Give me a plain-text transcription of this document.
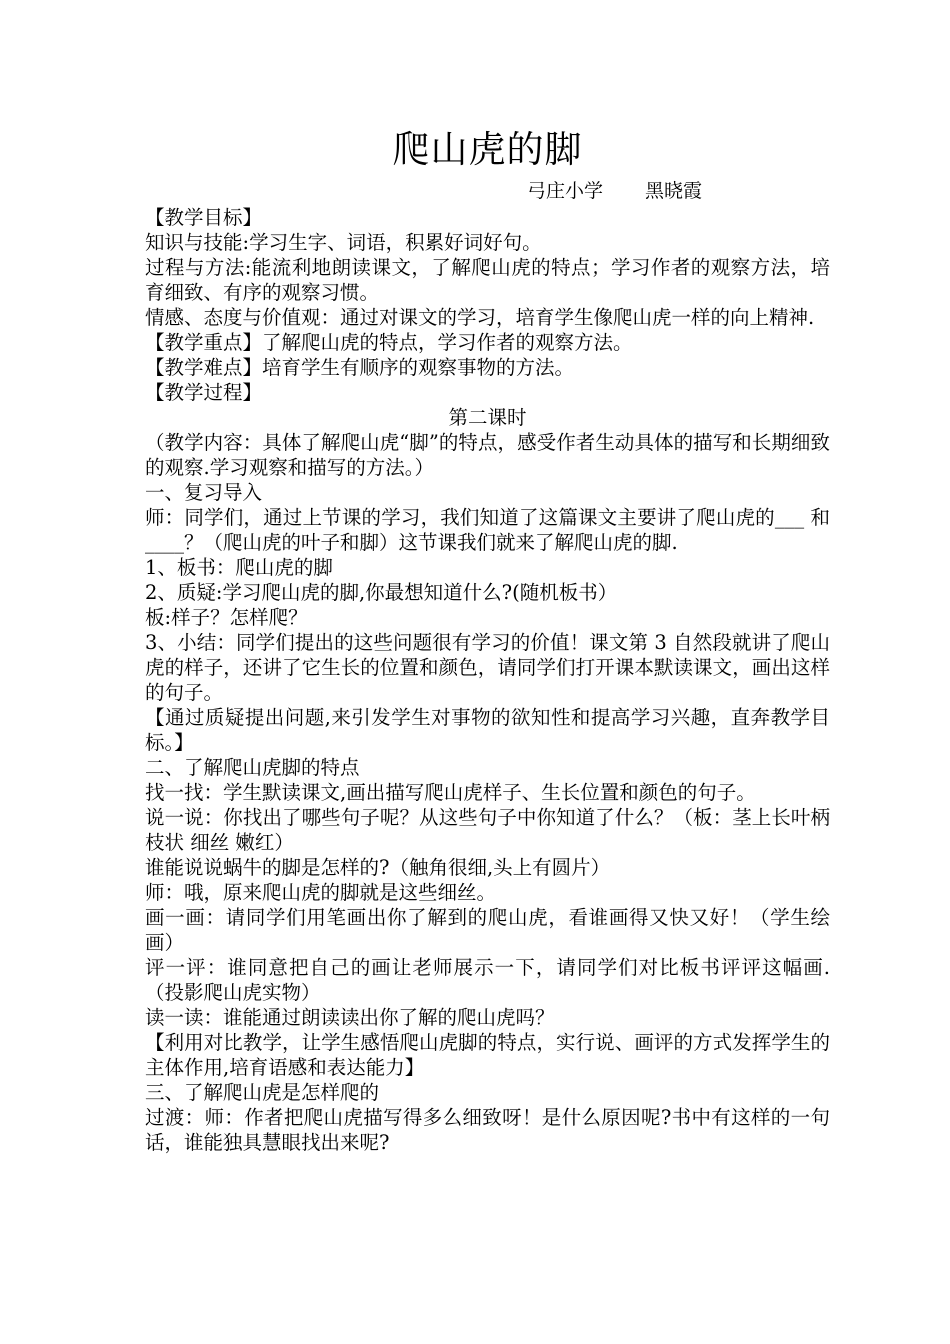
爬山虎的脚
弓庄小学 黑晓霞

【教学目标】

知识与技能:学习生字、词语，积累好词好句。

过程与方法:能流利地朗读课文，了解爬山虎的特点；学习作者的观察方法，培育细致、有序的观察习惯。

情感、态度与价值观：通过对课文的学习，培育学生像爬山虎一样的向上精神.

【教学重点】了解爬山虎的特点，学习作者的观察方法。

【教学难点】培育学生有顺序的观察事物的方法。

【教学过程】

第二课时

（教学内容：具体了解爬山虎“脚”的特点，感受作者生动具体的描写和长期细致的观察.学习观察和描写的方法。）

一、复习导入

师：同学们，通过上节课的学习，我们知道了这篇课文主要讲了爬山虎的___ 和 ____？（爬山虎的叶子和脚）这节课我们就来了解爬山虎的脚.

1、板书：爬山虎的脚

2、质疑:学习爬山虎的脚,你最想知道什么?(随机板书）

板:样子？怎样爬？

3、小结：同学们提出的这些问题很有学习的价值！课文第 3 自然段就讲了爬山虎的样子，还讲了它生长的位置和颜色，请同学们打开课本默读课文，画出这样的句子。

【通过质疑提出问题,来引发学生对事物的欲知性和提高学习兴趣，直奔教学目标。】

二、了解爬山虎脚的特点

找一找：学生默读课文,画出描写爬山虎样子、生长位置和颜色的句子。

说一说：你找出了哪些句子呢？从这些句子中你知道了什么？（板：茎上长叶柄 枝状 细丝 嫩红）

谁能说说蜗牛的脚是怎样的?（触角很细,头上有圆片）

师：哦，原来爬山虎的脚就是这些细丝。

画一画：请同学们用笔画出你了解到的爬山虎，看谁画得又快又好！（学生绘画）

评一评：谁同意把自己的画让老师展示一下，请同学们对比板书评评这幅画.（投影爬山虎实物）

读一读：谁能通过朗读读出你了解的爬山虎吗？

【利用对比教学，让学生感悟爬山虎脚的特点，实行说、画评的方式发挥学生的主体作用,培育语感和表达能力】

三、了解爬山虎是怎样爬的

过渡：师：作者把爬山虎描写得多么细致呀！是什么原因呢?书中有这样的一句话，谁能独具慧眼找出来呢?
